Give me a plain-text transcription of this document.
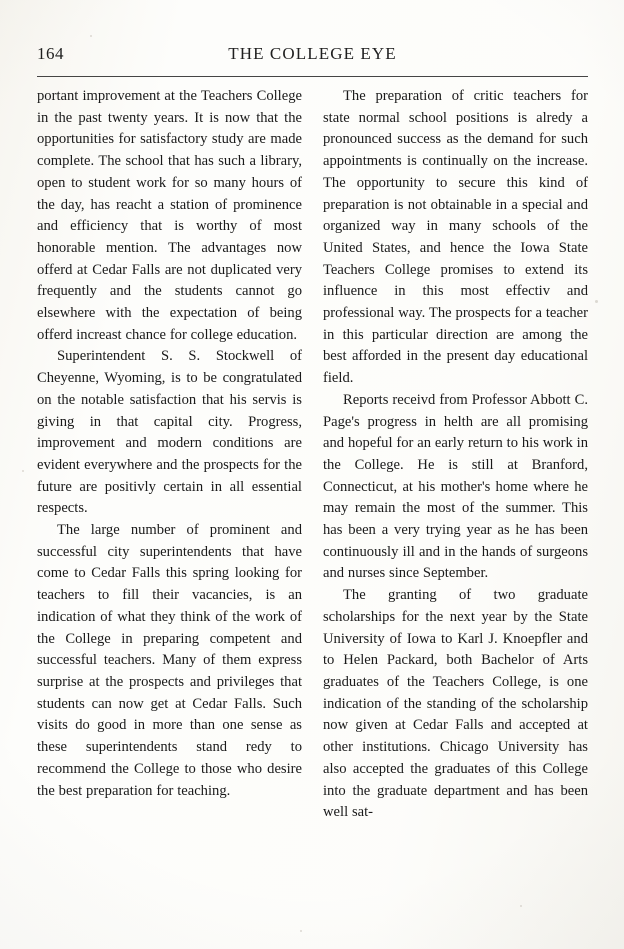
164	THE COLLEGE EYE

portant improvement at the Teachers College in the past twenty years. It is now that the opportunities for satisfactory study are made complete. The school that has such a library, open to student work for so many hours of the day, has reacht a station of prominence and efficiency that is worthy of most honorable mention. The advantages now offerd at Cedar Falls are not duplicated very frequently and the students cannot go elsewhere with the expectation of being offerd increast chance for college education.

Superintendent S. S. Stockwell of Cheyenne, Wyoming, is to be congratulated on the notable satisfaction that his servis is giving in that capital city. Progress, improvement and modern conditions are evident everywhere and the prospects for the future are positivly certain in all essential respects.

The large number of prominent and successful city superintendents that have come to Cedar Falls this spring looking for teachers to fill their vacancies, is an indication of what they think of the work of the College in preparing competent and successful teachers. Many of them express surprise at the prospects and privileges that students can now get at Cedar Falls. Such visits do good in more than one sense as these superintendents stand redy to recommend the College to those who desire the best preparation for teaching.

The preparation of critic teachers for state normal school positions is alredy a pronounced success as the demand for such appointments is continually on the increase. The opportunity to secure this kind of preparation is not obtainable in a special and organized way in many schools of the United States, and hence the Iowa State Teachers College promises to extend its influence in this most effectiv and professional way. The prospects for a teacher in this particular direction are among the best afforded in the present day educational field.

Reports receivd from Professor Abbott C. Page's progress in helth are all promising and hopeful for an early return to his work in the College. He is still at Branford, Connecticut, at his mother's home where he may remain the most of the summer. This has been a very trying year as he has been continuously ill and in the hands of surgeons and nurses since September.

The granting of two graduate scholarships for the next year by the State University of Iowa to Karl J. Knoepfler and to Helen Packard, both Bachelor of Arts graduates of the Teachers College, is one indication of the standing of the scholarship now given at Cedar Falls and accepted at other institutions. Chicago University has also accepted the graduates of this College into the graduate department and has been well sat-
